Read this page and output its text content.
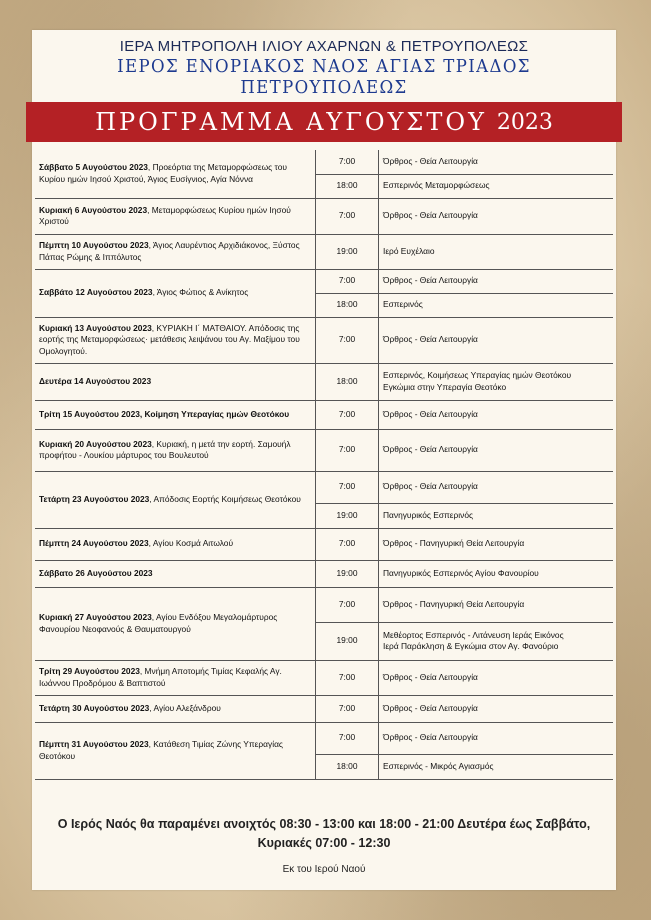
ΙΕΡΑ ΜΗΤΡΟΠΟΛΗ ΙΛΙΟΥ ΑΧΑΡΝΩΝ & ΠΕΤΡΟΥΠΟΛΕΩΣ
ΙΕΡΟΣ ΕΝΟΡΙΑΚΟΣ ΝΑΟΣ ΑΓΙΑΣ ΤΡΙΑΔΟΣ ΠΕΤΡΟΥΠΟΛΕΩΣ
ΠΡΟΓΡΑΜΜΑ ΑΥΓΟΥΣΤΟΥ 2023
Σάββατο 5 Αυγούστου 2023, Προεόρτια της Μεταμορφώσεως του Κυρίου ημών Ιησού Χριστού, Άγιος Ευσίγνιος, Αγία Νόννα	7:00	Όρθρος - Θεία Λειτουργία

	18:00	Εσπερινός Μεταμορφώσεως

Κυριακή 6 Αυγούστου 2023, Μεταμορφώσεως Κυρίου ημών Ιησού Χριστού	7:00	Όρθρος - Θεία Λειτουργία

Πέμπτη 10 Αυγούστου 2023, Άγιος Λαυρέντιος Αρχιδιάκονος, Ξύστος Πάπας Ρώμης & Ιππόλυτος	19:00	Ιερό Ευχέλαιο

Σαββάτο 12 Αυγούστου 2023, Άγιος Φώτιος & Ανίκητος	7:00	Όρθρος - Θεία Λειτουργία

	18:00	Εσπερινός

Κυριακή 13 Αυγούστου 2023, ΚΥΡΙΑΚΗ Ι΄ ΜΑΤΘΑΙΟΥ. Απόδοσις της εορτής της Μεταμορφώσεως· μετάθεσις λειψάνου του Αγ. Μαξίμου του Ομολογητού.	7:00	Όρθρος - Θεία Λειτουργία

Δευτέρα 14 Αυγούστου 2023	18:00	Εσπερινός, Κοιμήσεως Υπεραγίας ημών Θεοτόκου
Εγκώμια στην Υπεραγία Θεοτόκο

Τρίτη 15 Αυγούστου 2023, Κοίμηση Υπεραγίας ημών Θεοτόκου	7:00	Όρθρος - Θεία Λειτουργία

Κυριακή 20 Αυγούστου 2023, Κυριακή, η μετά την εορτή. Σαμουήλ προφήτου - Λουκίου μάρτυρος του Βουλευτού	7:00	Όρθρος - Θεία Λειτουργία

Τετάρτη 23 Αυγούστου 2023, Απόδοσις Εορτής Κοιμήσεως Θεοτόκου	7:00	Όρθρος - Θεία Λειτουργία

	19:00	Πανηγυρικός Εσπερινός

Πέμπτη 24 Αυγούστου 2023, Αγίου Κοσμά Αιτωλού	7:00	Όρθρος - Πανηγυρική Θεία Λειτουργία

Σάββατο 26 Αυγούστου 2023	19:00	Πανηγυρικός Εσπερινός Αγίου Φανουρίου

Κυριακή 27 Αυγούστου 2023, Αγίου Ενδόξου Μεγαλομάρτυρος Φανουρίου Νεοφανούς & Θαυματουργού	7:00	Όρθρος - Πανηγυρική Θεία Λειτουργία

	19:00	Μεθέορτος Εσπερινός - Λιτάνευση Ιεράς Εικόνος
Ιερά Παράκληση & Εγκώμια στον Αγ. Φανούριο

Τρίτη 29 Αυγούστου 2023, Μνήμη Αποτομής Τιμίας Κεφαλής Αγ. Ιωάννου Προδρόμου & Βαπτιστού	7:00	Όρθρος - Θεία Λειτουργία

Τετάρτη 30 Αυγούστου 2023, Αγίου Αλεξάνδρου	7:00	Όρθρος - Θεία Λειτουργία

Πέμπτη 31 Αυγούστου 2023, Κατάθεση Τιμίας Ζώνης Υπεραγίας Θεοτόκου	7:00	Όρθρος - Θεία Λειτουργία

	18:00	Εσπερινός - Μικρός Αγιασμός
Ο Ιερός Ναός θα παραμένει ανοιχτός 08:30 - 13:00 και 18:00 - 21:00 Δευτέρα έως Σαββάτο,
Κυριακές 07:00 - 12:30
Εκ του Ιερού Ναού
